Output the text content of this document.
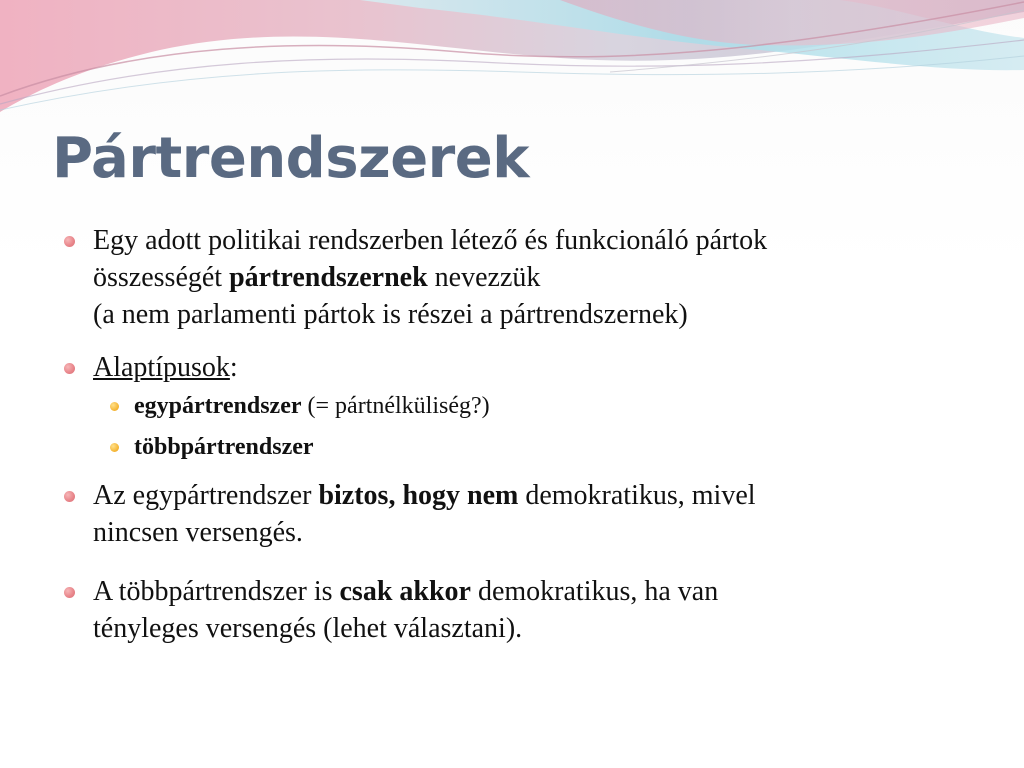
Pártrendszerek
Egy adott politikai rendszerben létező és funkcionáló pártok
összességét pártrendszernek nevezzük
(a nem parlamenti pártok is részei a pártrendszernek)
Alaptípusok:
egypártrendszer (= pártnélküliség?)
többpártrendszer
Az egypártrendszer biztos, hogy nem demokratikus, mivel
nincsen versengés.
A többpártrendszer is csak akkor demokratikus, ha van
tényleges versengés (lehet választani).
